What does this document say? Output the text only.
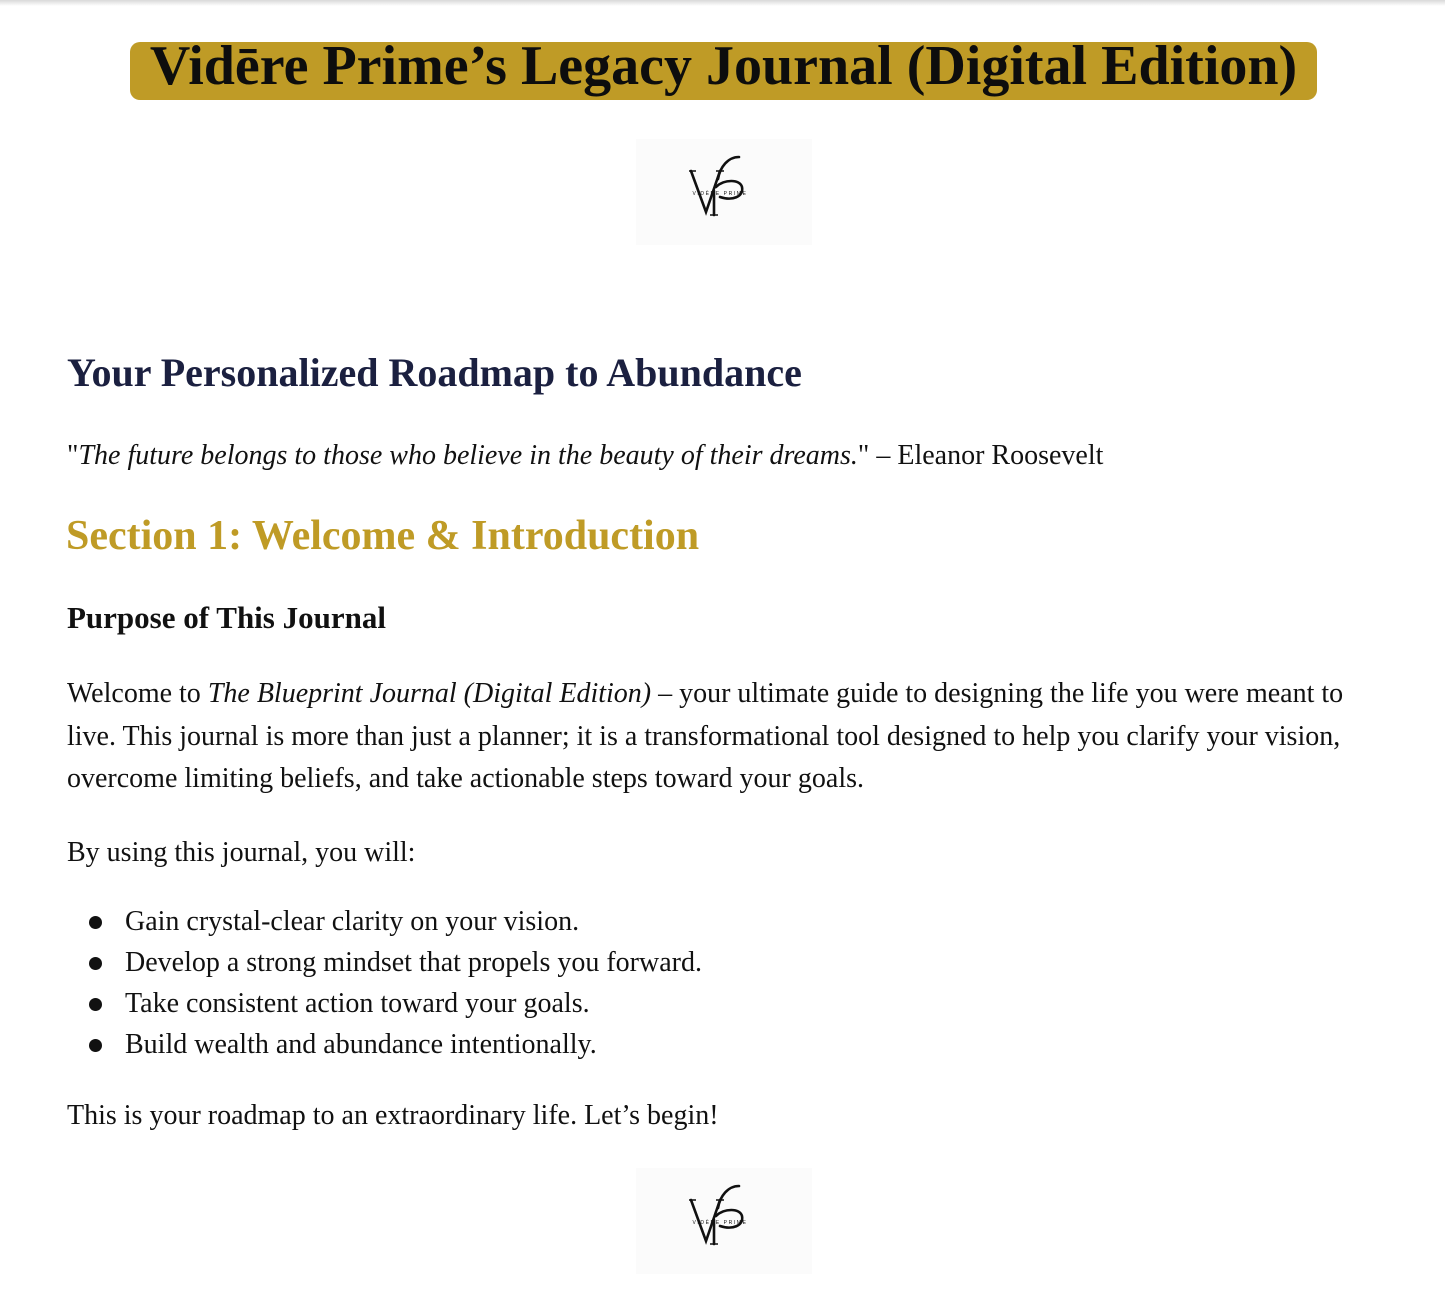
Vidēre Prime’s Legacy Journal (Digital Edition)
VIDĒRE PRIME
Your Personalized Roadmap to Abundance
"The future belongs to those who believe in the beauty of their dreams." – Eleanor Roosevelt
Section 1: Welcome & Introduction
Purpose of This Journal
Welcome to The Blueprint Journal (Digital Edition) – your ultimate guide to designing the life you were meant to live. This journal is more than just a planner; it is a transformational tool designed to help you clarify your vision, overcome limiting beliefs, and take actionable steps toward your goals.
By using this journal, you will:
Gain crystal-clear clarity on your vision.
Develop a strong mindset that propels you forward.
Take consistent action toward your goals.
Build wealth and abundance intentionally.
This is your roadmap to an extraordinary life. Let’s begin!
VIDĒRE PRIME
